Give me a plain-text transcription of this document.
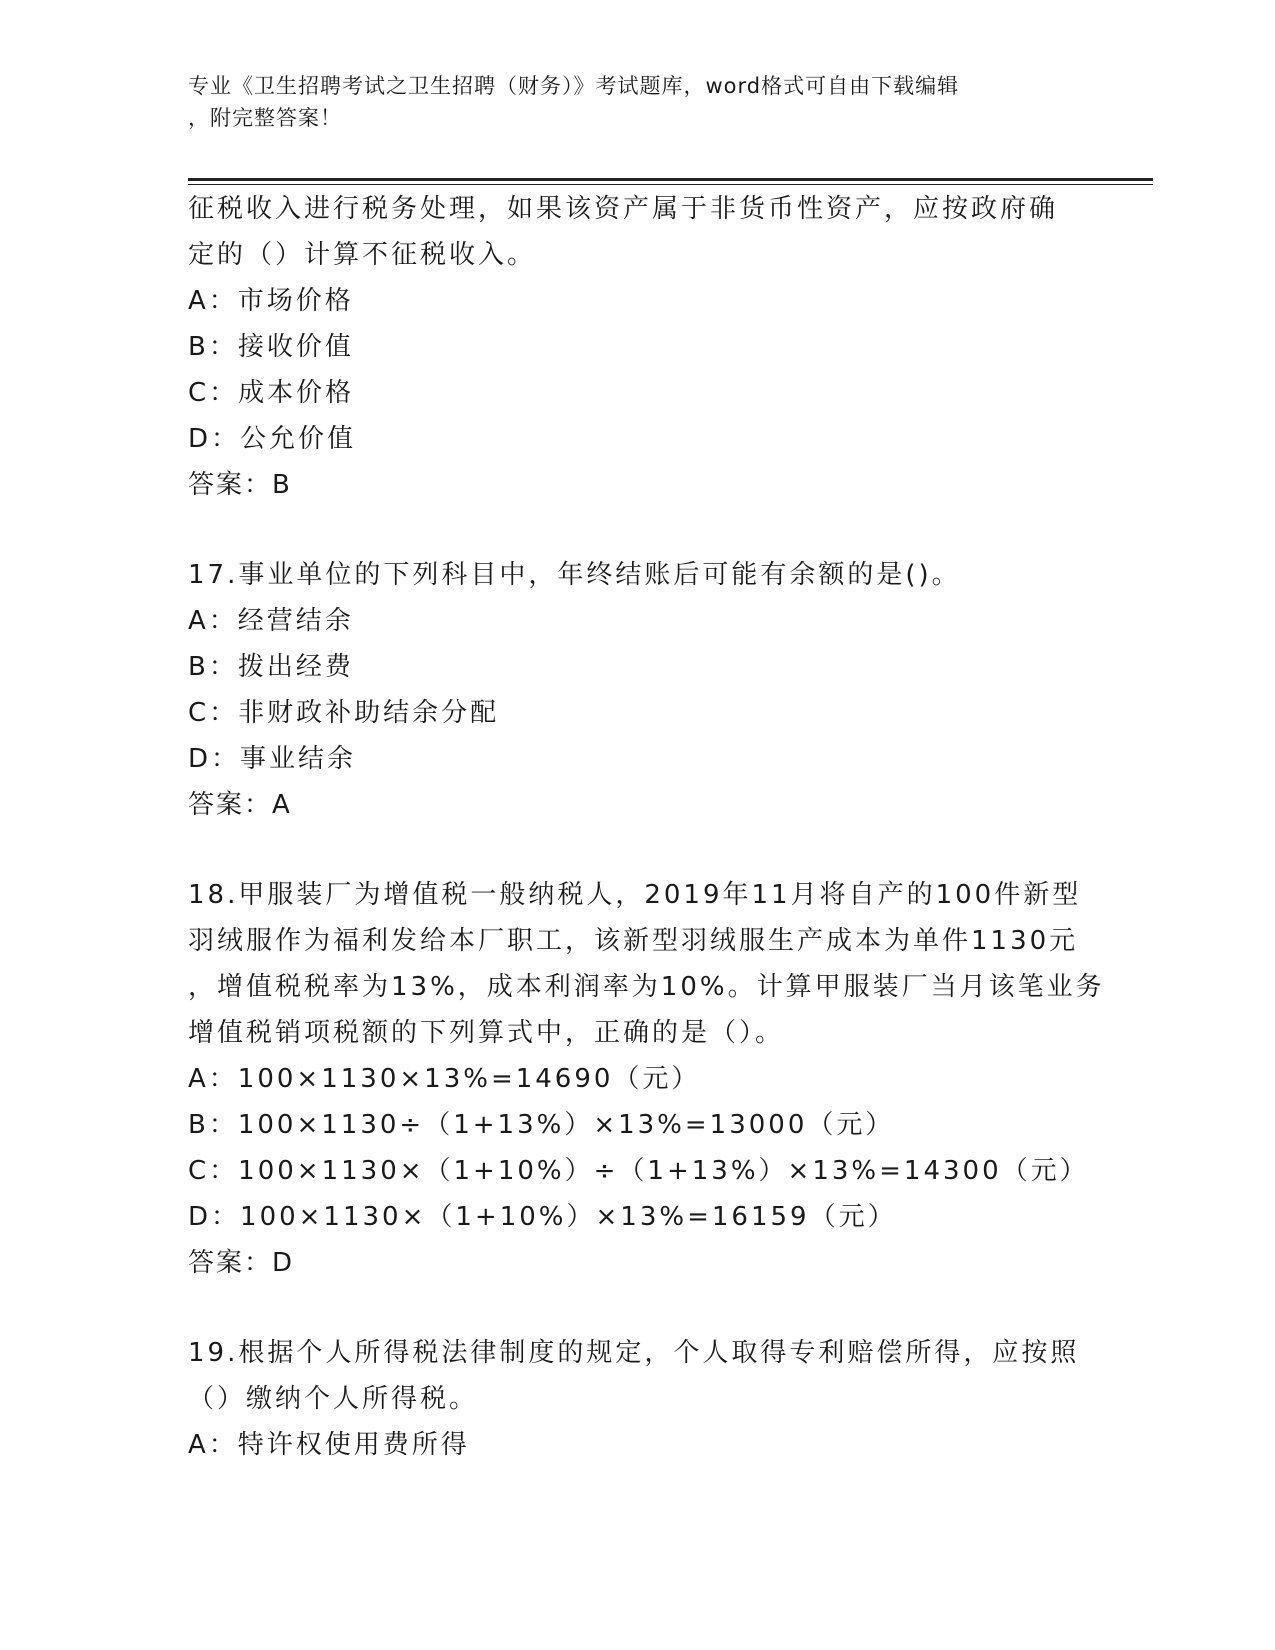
专业《卫生招聘考试之卫生招聘（财务）》考试题库，word格式可自由下载编辑
，附完整答案！
征税收入进行税务处理，如果该资产属于非货币性资产，应按政府确
定的（）计算不征税收入。
A：市场价格
B：接收价值
C：成本价格
D：公允价值
答案：B
17.事业单位的下列科目中，年终结账后可能有余额的是()。
A：经营结余
B：拨出经费
C：非财政补助结余分配
D：事业结余
答案：A
18.甲服装厂为增值税一般纳税人，2019年11月将自产的100件新型
羽绒服作为福利发给本厂职工，该新型羽绒服生产成本为单件1130元
，增值税税率为13%，成本利润率为10%。计算甲服装厂当月该笔业务
增值税销项税额的下列算式中，正确的是（）。
A：100×1130×13%=14690（元）
B：100×1130÷（1+13%）×13%=13000（元）
C：100×1130×（1+10%）÷（1+13%）×13%=14300（元）
D：100×1130×（1+10%）×13%=16159（元）
答案：D
19.根据个人所得税法律制度的规定，个人取得专利赔偿所得，应按照
（）缴纳个人所得税。
A：特许权使用费所得
